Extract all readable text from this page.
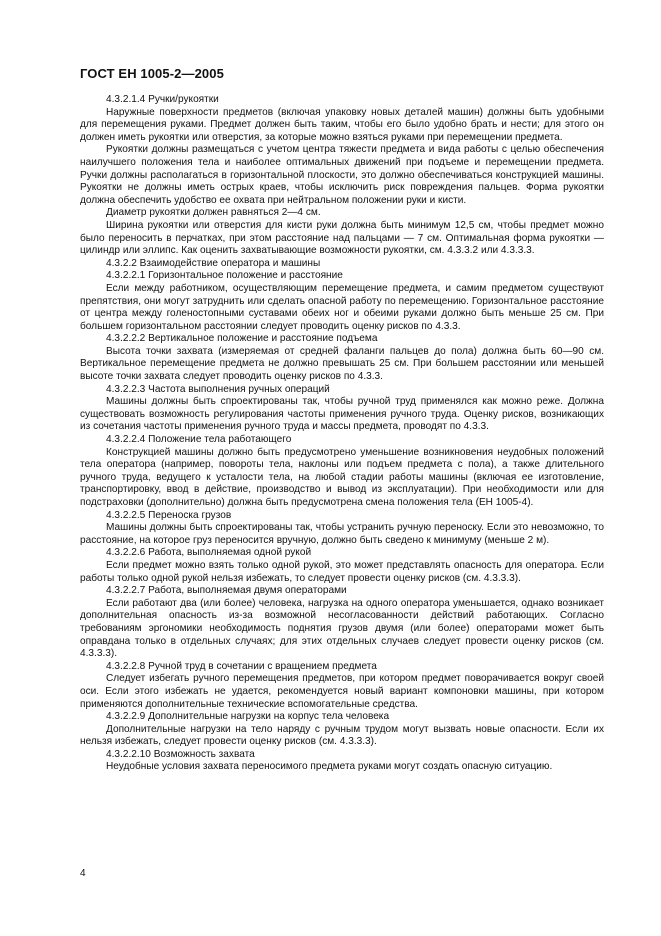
ГОСТ ЕН 1005-2—2005

4.3.2.1.4 Ручки/рукоятки

Наружные поверхности предметов (включая упаковку новых деталей машин) должны быть удобными для перемещения руками. Предмет должен быть таким, чтобы его было удобно брать и нести; для этого он должен иметь рукоятки или отверстия, за которые можно взяться руками при перемещении предмета.

Рукоятки должны размещаться с учетом центра тяжести предмета и вида работы с целью обеспечения наилучшего положения тела и наиболее оптимальных движений при подъеме и перемещении предмета. Ручки должны располагаться в горизонтальной плоскости, это должно обеспечиваться конструкцией машины. Рукоятки не должны иметь острых краев, чтобы исключить риск повреждения пальцев. Форма рукоятки должна обеспечить удобство ее охвата при нейтральном положении руки и кисти.

Диаметр рукоятки должен равняться 2—4 см.

Ширина рукоятки или отверстия для кисти руки должна быть минимум 12,5 см, чтобы предмет можно было переносить в перчатках, при этом расстояние над пальцами — 7 см. Оптимальная форма рукоятки — цилиндр или эллипс. Как оценить захватывающие возможности рукоятки, см. 4.3.3.2 или 4.3.3.3.

4.3.2.2 Взаимодействие оператора и машины

4.3.2.2.1 Горизонтальное положение и расстояние

Если между работником, осуществляющим перемещение предмета, и самим предметом существуют препятствия, они могут затруднить или сделать опасной работу по перемещению. Горизонтальное расстояние от центра между голеностопными суставами обеих ног и обеими руками должно быть меньше 25 см. При большем горизонтальном расстоянии следует проводить оценку рисков по 4.3.3.

4.3.2.2.2 Вертикальное положение и расстояние подъема

Высота точки захвата (измеряемая от средней фаланги пальцев до пола) должна быть 60—90 см. Вертикальное перемещение предмета не должно превышать 25 см. При большем расстоянии или меньшей высоте точки захвата следует проводить оценку рисков по 4.3.3.

4.3.2.2.3 Частота выполнения ручных операций

Машины должны быть спроектированы так, чтобы ручной труд применялся как можно реже. Должна существовать возможность регулирования частоты применения ручного труда. Оценку рисков, возникающих из сочетания частоты применения ручного труда и массы предмета, проводят по 4.3.3.

4.3.2.2.4 Положение тела работающего

Конструкцией машины должно быть предусмотрено уменьшение возникновения неудобных положений тела оператора (например, повороты тела, наклоны или подъем предмета с пола), а также длительного ручного труда, ведущего к усталости тела, на любой стадии работы машины (включая ее изготовление, транспортировку, ввод в действие, производство и вывод из эксплуатации). При необходимости или для подстраховки (дополнительно) должна быть предусмотрена смена положения тела (ЕН 1005-4).

4.3.2.2.5 Переноска грузов

Машины должны быть спроектированы так, чтобы устранить ручную переноску. Если это невозможно, то расстояние, на которое груз переносится вручную, должно быть сведено к минимуму (меньше 2 м).

4.3.2.2.6 Работа, выполняемая одной рукой

Если предмет можно взять только одной рукой, это может представлять опасность для оператора. Если работы только одной рукой нельзя избежать, то следует провести оценку рисков (см. 4.3.3.3).

4.3.2.2.7 Работа, выполняемая двумя операторами

Если работают два (или более) человека, нагрузка на одного оператора уменьшается, однако возникает дополнительная опасность из-за возможной несогласованности действий работающих. Согласно требованиям эргономики необходимость поднятия грузов двумя (или более) операторами может быть оправдана только в отдельных случаях; для этих отдельных случаев следует провести оценку рисков (см. 4.3.3.3).

4.3.2.2.8 Ручной труд в сочетании с вращением предмета

Следует избегать ручного перемещения предметов, при котором предмет поворачивается вокруг своей оси. Если этого избежать не удается, рекомендуется новый вариант компоновки машины, при котором применяются дополнительные технические вспомогательные средства.

4.3.2.2.9 Дополнительные нагрузки на корпус тела человека

Дополнительные нагрузки на тело наряду с ручным трудом могут вызвать новые опасности. Если их нельзя избежать, следует провести оценку рисков (см. 4.3.3.3).

4.3.2.2.10 Возможность захвата

Неудобные условия захвата переносимого предмета руками могут создать опасную ситуацию.

4
